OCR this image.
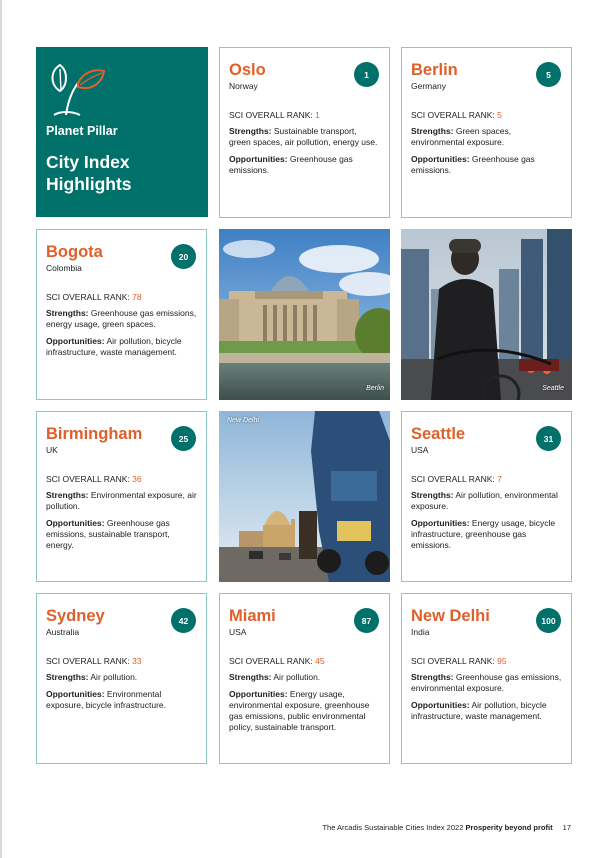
Planet Pillar
City Index
Highlights
Oslo
Norway
1
SCI OVERALL RANK: 1
Strengths: Sustainable transport, green spaces, air pollution, energy use.
Opportunities: Greenhouse gas emissions.
Berlin
Germany
5
SCI OVERALL RANK: 5
Strengths: Green spaces, environmental exposure.
Opportunities: Greenhouse gas emissions.
Bogota
Colombia
20
SCI OVERALL RANK: 78
Strengths: Greenhouse gas emissions, energy usage, green spaces.
Opportunities: Air pollution, bicycle infrastructure, waste management.
Berlin	Seattle
Birmingham
UK
25
SCI OVERALL RANK: 36
Strengths: Environmental exposure, air pollution.
Opportunities: Greenhouse gas emissions, sustainable transport, energy.
New Delhi
Seattle
USA
31
SCI OVERALL RANK: 7
Strengths: Air pollution, environmental exposure.
Opportunities: Energy usage, bicycle infrastructure, greenhouse gas emissions.
Sydney
Australia
42
SCI OVERALL RANK: 33
Strengths: Air pollution.
Opportunities: Environmental exposure, bicycle infrastructure.
Miami
USA
87
SCI OVERALL RANK: 45
Strengths: Air pollution.
Opportunities: Energy usage, environmental exposure, greenhouse gas emissions, public environmental policy, sustainable transport.
New Delhi
India
100
SCI OVERALL RANK: 95
Strengths: Greenhouse gas emissions, environmental exposure.
Opportunities: Air pollution, bicycle infrastructure, waste management.
The Arcadis Sustainable Cities Index 2022 Prosperity beyond profit 17
